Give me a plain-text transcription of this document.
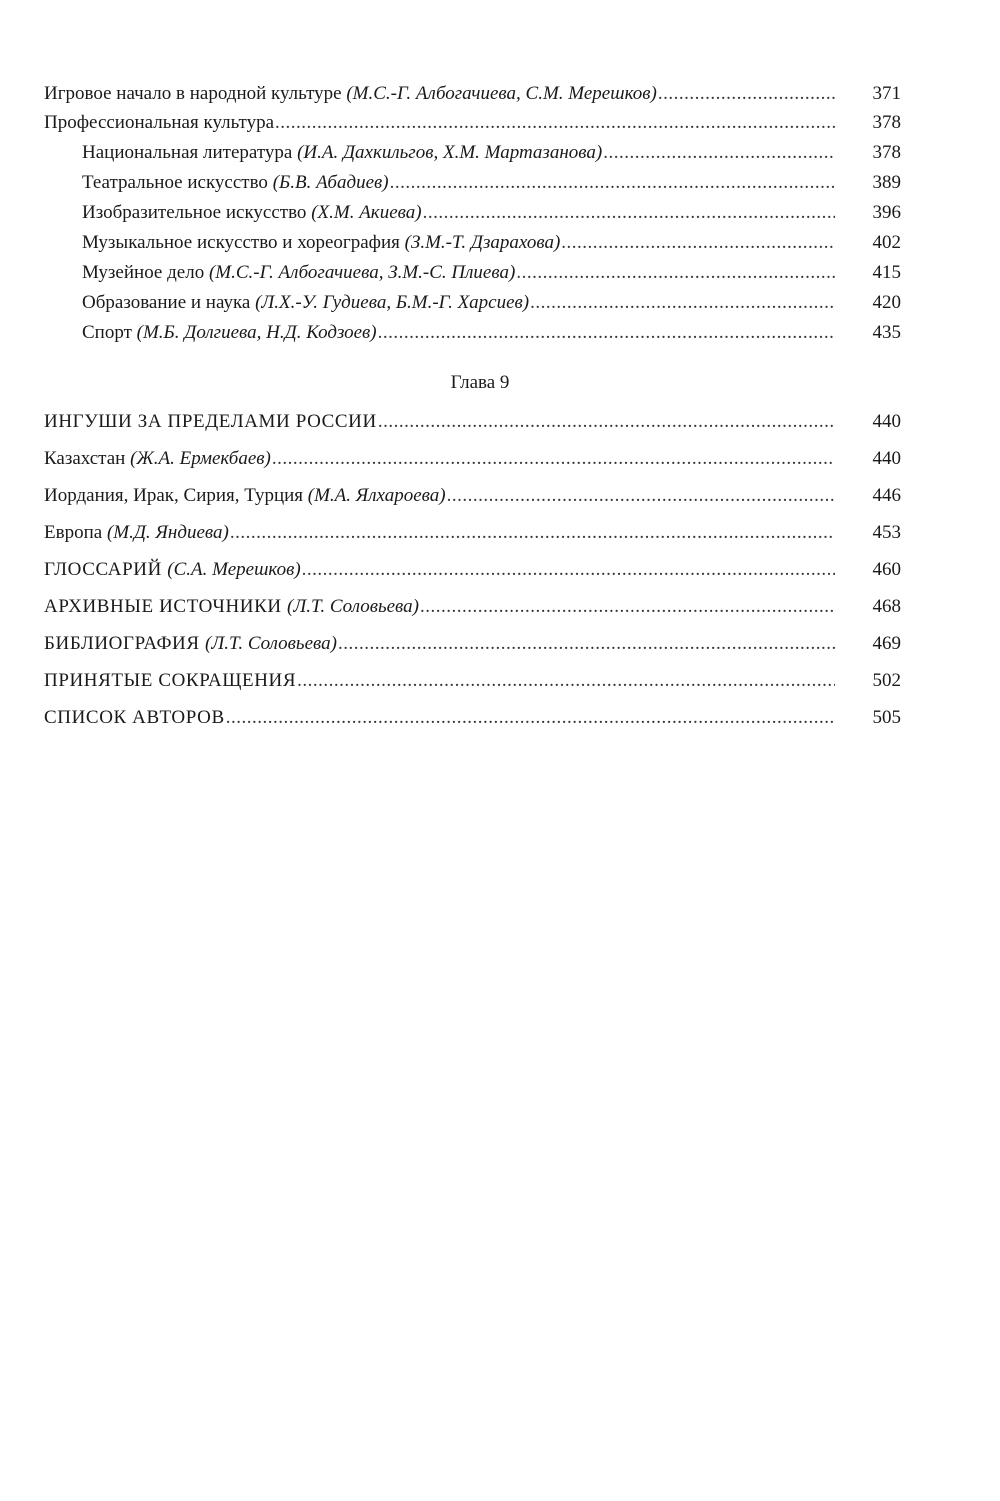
Игровое начало в народной культуре (М.С.-Г. Албогачиева, С.М. Мерешков) .....	371
Профессиональная культура .....	378
Национальная литература (И.А. Дахкильгов, Х.М. Мартазанова) .....	378
Театральное искусство (Б.В. Абадиев) .....	389
Изобразительное искусство (Х.М. Акиева) .....	396
Музыкальное искусство и хореография (З.М.-Т. Дзарахова) .....	402
Музейное дело (М.С.-Г. Албогачиева, З.М.-С. Плиева) .....	415
Образование и наука (Л.Х.-У. Гудиева, Б.М.-Г. Харсиев) .....	420
Спорт (М.Б. Долгиева, Н.Д. Кодзоев) .....	435
Глава 9
ИНГУШИ ЗА ПРЕДЕЛАМИ РОССИИ .....	440
Казахстан (Ж.А. Ермекбаев) .....	440
Иордания, Ирак, Сирия, Турция (М.А. Ялхароева) .....	446
Европа (М.Д. Яндиева) .....	453
ГЛОССАРИЙ (С.А. Мерешков) .....	460
АРХИВНЫЕ ИСТОЧНИКИ (Л.Т. Соловьева) .....	468
БИБЛИОГРАФИЯ (Л.Т. Соловьева) .....	469
ПРИНЯТЫЕ СОКРАЩЕНИЯ .....	502
СПИСОК АВТОРОВ .....	505
